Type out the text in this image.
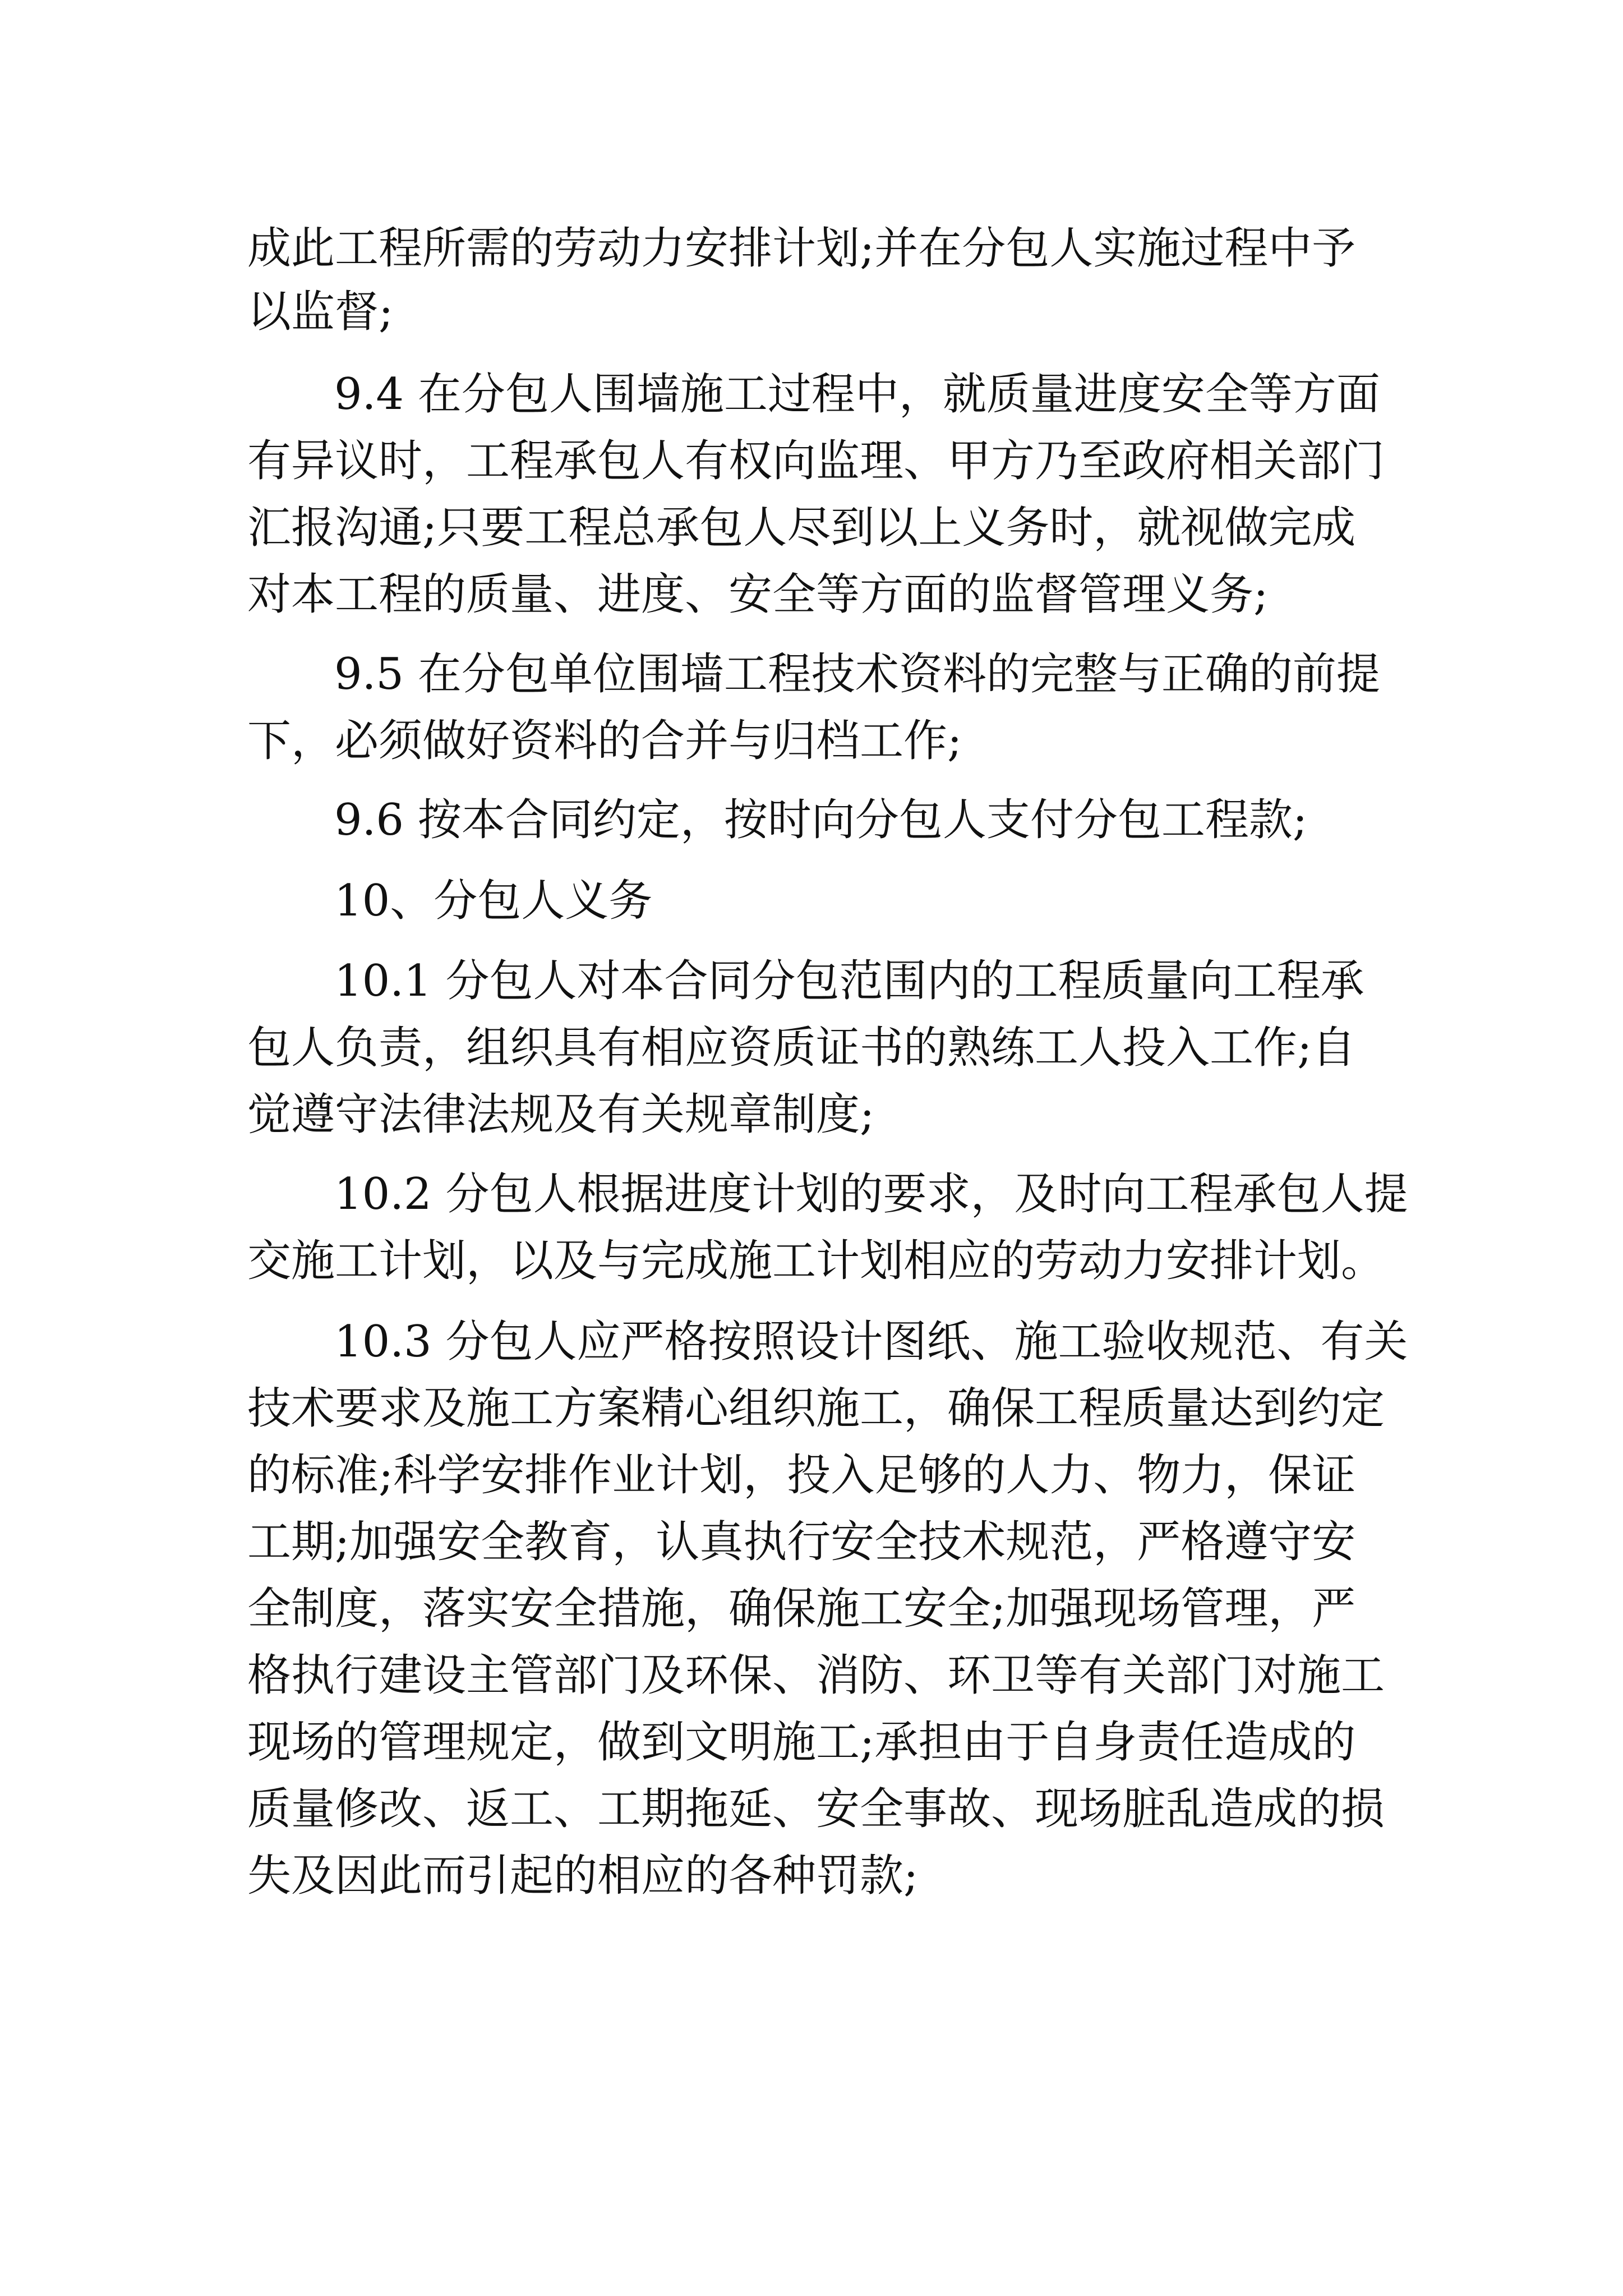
成此工程所需的劳动力安排计划;并在分包人实施过程中予
以监督;
9.4 在分包人围墙施工过程中，就质量进度安全等方面
有异议时，工程承包人有权向监理、甲方乃至政府相关部门
汇报沟通;只要工程总承包人尽到以上义务时，就视做完成
对本工程的质量、进度、安全等方面的监督管理义务;
9.5 在分包单位围墙工程技术资料的完整与正确的前提
下，必须做好资料的合并与归档工作;
9.6 按本合同约定，按时向分包人支付分包工程款;
10、分包人义务
10.1 分包人对本合同分包范围内的工程质量向工程承
包人负责，组织具有相应资质证书的熟练工人投入工作;自
觉遵守法律法规及有关规章制度;
10.2 分包人根据进度计划的要求，及时向工程承包人提
交施工计划，以及与完成施工计划相应的劳动力安排计划。
10.3 分包人应严格按照设计图纸、施工验收规范、有关
技术要求及施工方案精心组织施工，确保工程质量达到约定
的标准;科学安排作业计划，投入足够的人力、物力，保证
工期;加强安全教育，认真执行安全技术规范，严格遵守安
全制度，落实安全措施，确保施工安全;加强现场管理，严
格执行建设主管部门及环保、消防、环卫等有关部门对施工
现场的管理规定，做到文明施工;承担由于自身责任造成的
质量修改、返工、工期拖延、安全事故、现场脏乱造成的损
失及因此而引起的相应的各种罚款;
